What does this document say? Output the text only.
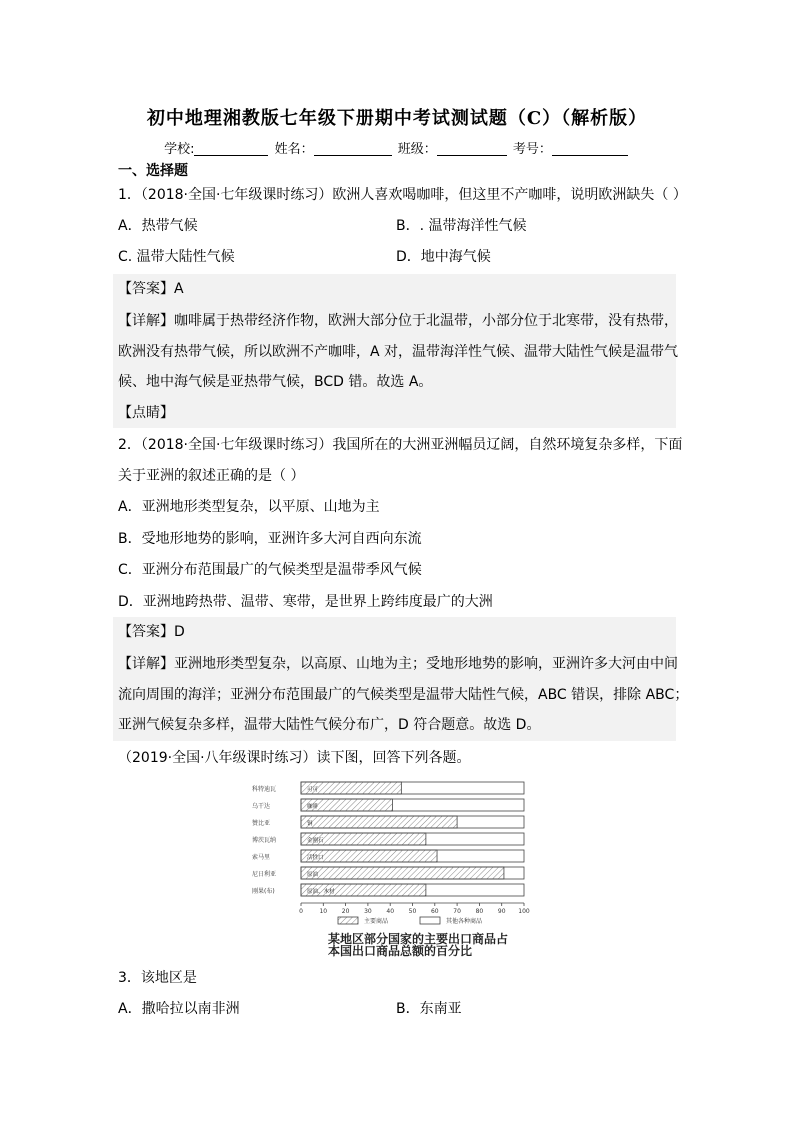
初中地理湘教版七年级下册期中考试测试题（C）（解析版）
学校:	姓名：	班级：	考号：
一、选择题
1．（2018·全国·七年级课时练习）欧洲人喜欢喝咖啡，但这里不产咖啡，说明欧洲缺失（ ）
A．热带气候	B．. 温带海洋性气候
C. 温带大陆性气候	D．地中海气候
【答案】A
【详解】咖啡属于热带经济作物，欧洲大部分位于北温带，小部分位于北寒带，没有热带，
欧洲没有热带气候，所以欧洲不产咖啡，A 对，温带海洋性气候、温带大陆性气候是温带气
候、地中海气候是亚热带气候，BCD 错。故选 A。
【点睛】
2．（2018·全国·七年级课时练习）我国所在的大洲亚洲幅员辽阔，自然环境复杂多样，下面
关于亚洲的叙述正确的是（ ）
A．亚洲地形类型复杂，以平原、山地为主
B．受地形地势的影响，亚洲许多大河自西向东流
C．亚洲分布范围最广的气候类型是温带季风气候
D．亚洲地跨热带、温带、寒带，是世界上跨纬度最广的大洲
【答案】D
【详解】亚洲地形类型复杂，以高原、山地为主；受地形地势的影响，亚洲许多大河由中间
流向周围的海洋；亚洲分布范围最广的气候类型是温带大陆性气候，ABC 错误，排除 ABC；
亚洲气候复杂多样，温带大陆性气候分布广，D 符合题意。故选 D。
（2019·全国·八年级课时练习）读下图，回答下列各题。
科特迪瓦	可可
乌干达	咖啡
赞比亚	铜
博茨瓦纳	金刚石
索马里	活牲口
尼日利亚	原油
刚果(布)	原油、木材
0	10 20 30 40 50 60 70 80 90 100
主要商品	其他各种商品
某地区部分国家的主要出口商品占
本国出口商品总额的百分比
3．该地区是
A．撒哈拉以南非洲	B．东南亚
